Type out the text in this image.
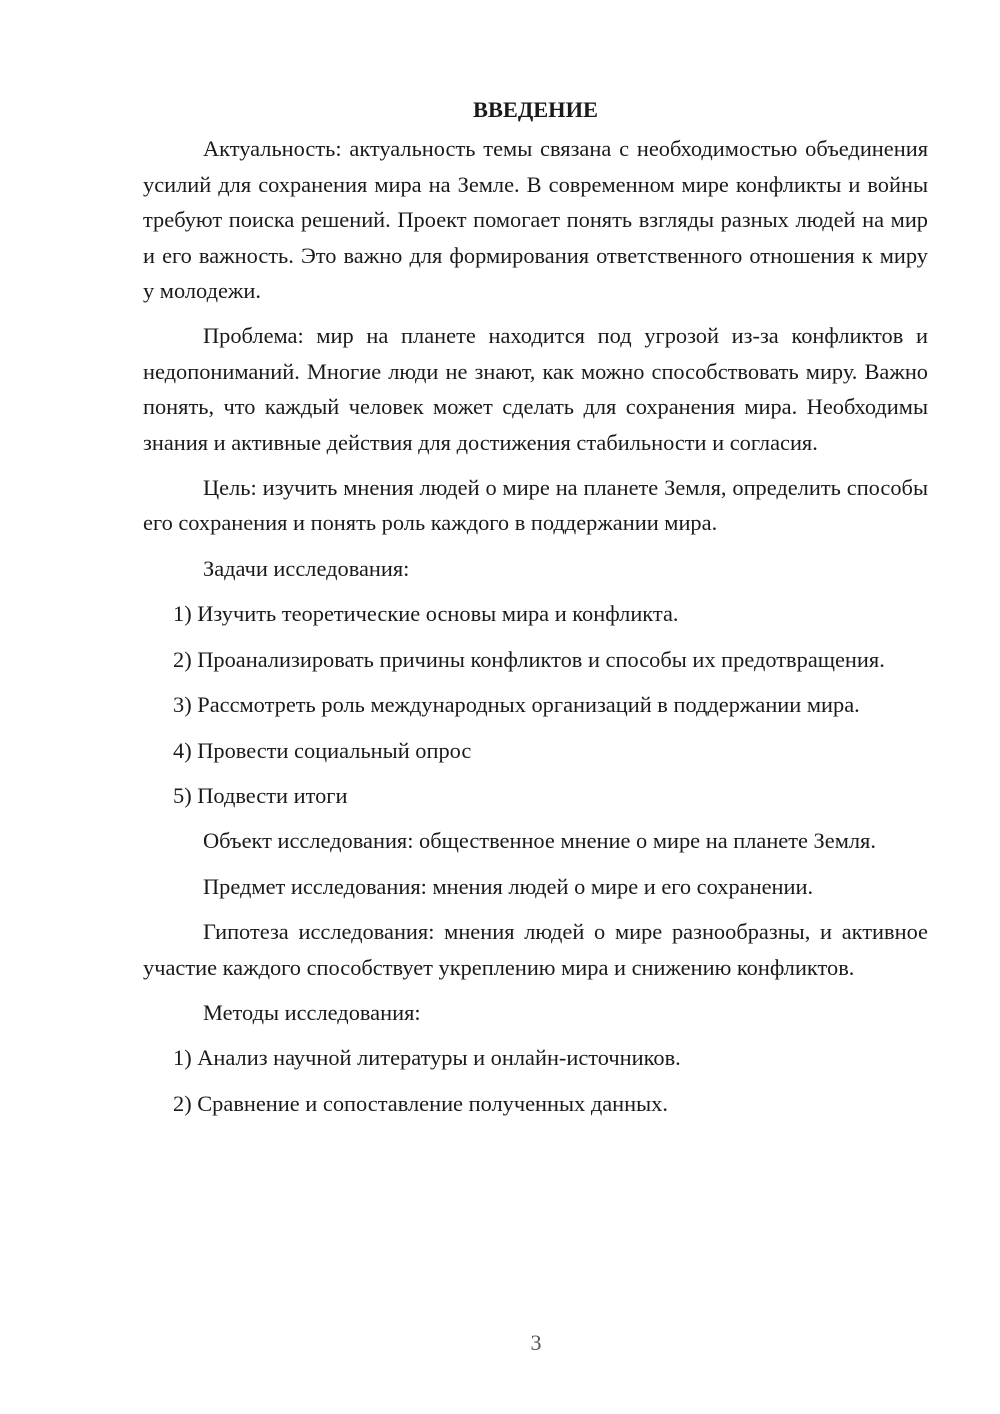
ВВЕДЕНИЕ

Актуальность: актуальность темы связана с необходимостью объединения усилий для сохранения мира на Земле. В современном мире конфликты и войны требуют поиска решений. Проект помогает понять взгляды разных людей на мир и его важность. Это важно для формирования ответственного отношения к миру у молодежи.

Проблема: мир на планете находится под угрозой из-за конфликтов и недопониманий. Многие люди не знают, как можно способствовать миру. Важно понять, что каждый человек может сделать для сохранения мира. Необходимы знания и активные действия для достижения стабильности и согласия.

Цель: изучить мнения людей о мире на планете Земля, определить способы его сохранения и понять роль каждого в поддержании мира.

Задачи исследования:

1) Изучить теоретические основы мира и конфликта.

2) Проанализировать причины конфликтов и способы их предотвращения.

3) Рассмотреть роль международных организаций в поддержании мира.

4) Провести социальный опрос

5) Подвести итоги

Объект исследования: общественное мнение о мире на планете Земля.

Предмет исследования: мнения людей о мире и его сохранении.

Гипотеза исследования: мнения людей о мире разнообразны, и активное участие каждого способствует укреплению мира и снижению конфликтов.

Методы исследования:

1) Анализ научной литературы и онлайн-источников.

2) Сравнение и сопоставление полученных данных.

3
